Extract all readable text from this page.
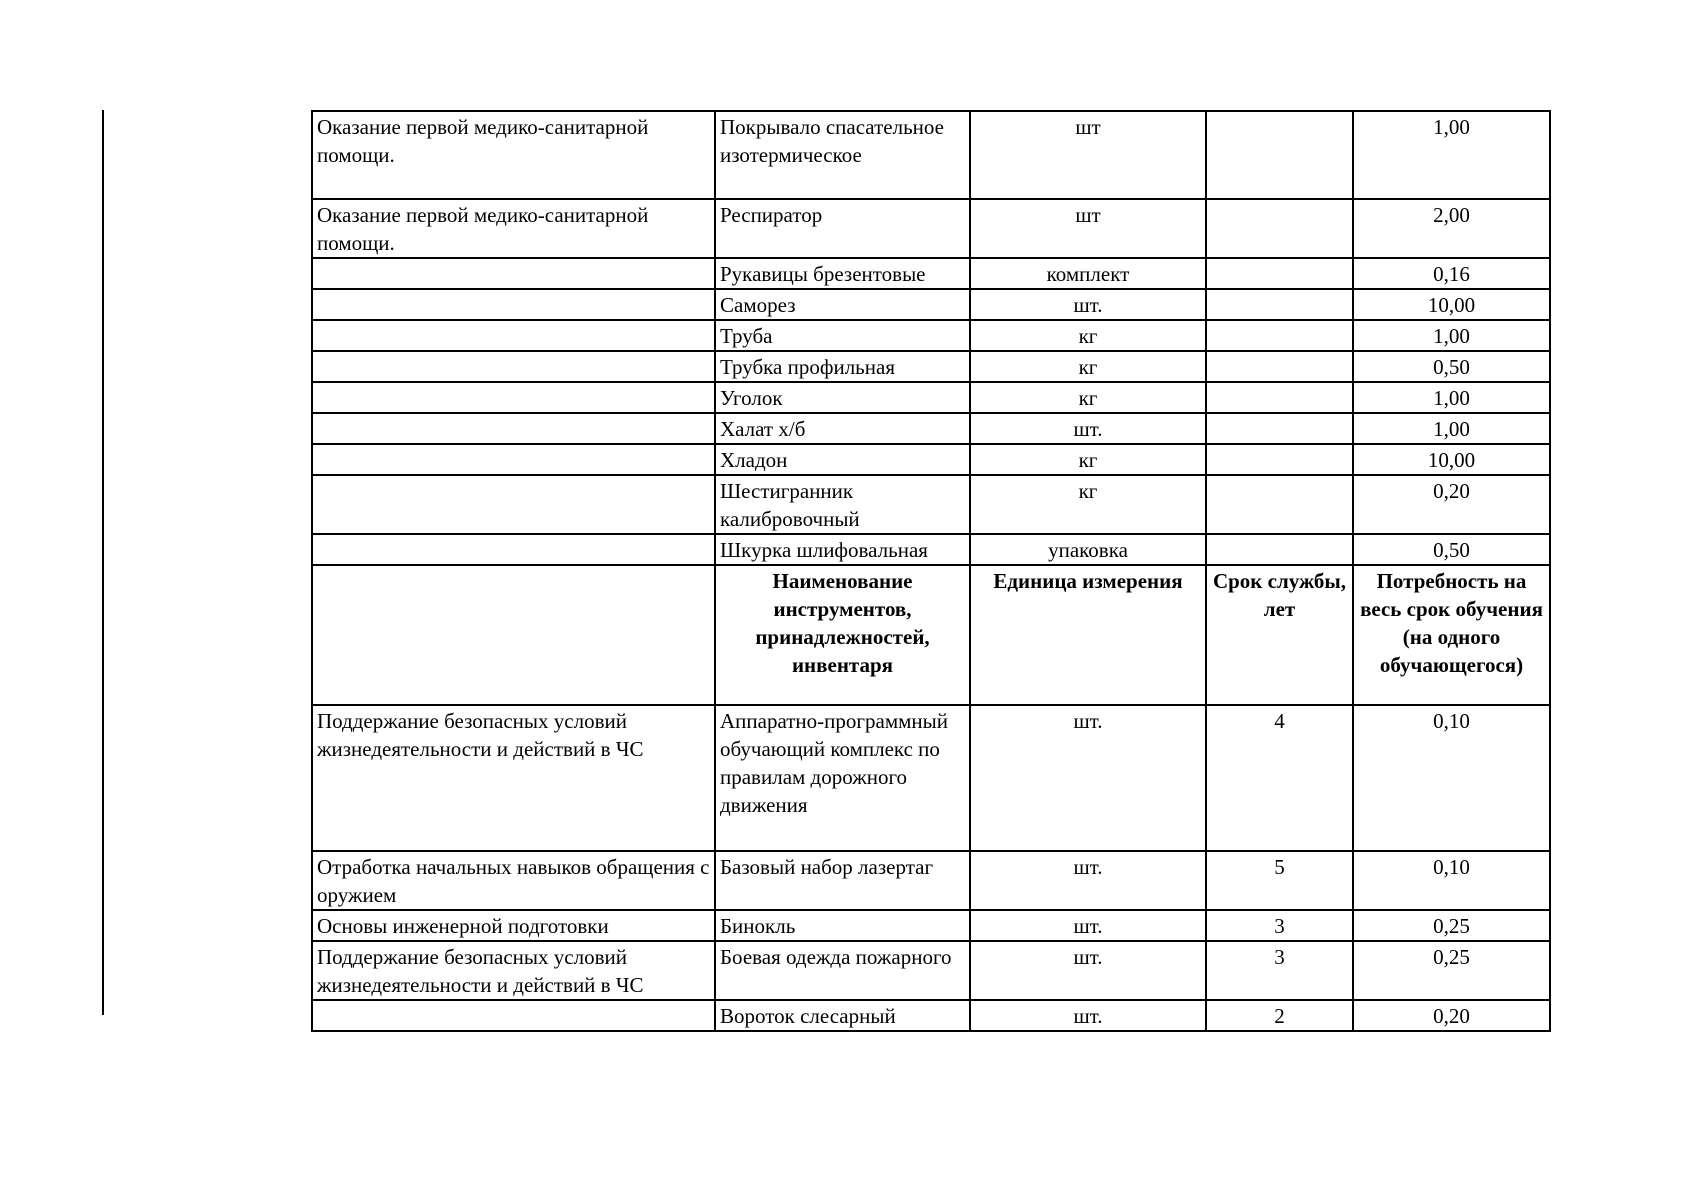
Оказание первой медико-санитарной помощи.	Покрывало спасательное изотермическое	шт		1,00
Оказание первой медико-санитарной помощи.	Респиратор	шт		2,00
	Рукавицы брезентовые	комплект		0,16
	Саморез	шт.		10,00
	Труба	кг		1,00
	Трубка профильная	кг		0,50
	Уголок	кг		1,00
	Халат х/б	шт.		1,00
	Хладон	кг		10,00
	Шестигранник калибровочный	кг		0,20
	Шкурка шлифовальная	упаковка		0,50
	Наименование инструментов, принадлежностей, инвентаря	Единица измерения	Срок службы, лет	Потребность на весь срок обучения (на одного обучающегося)
Поддержание безопасных условий жизнедеятельности и действий в ЧС	Аппаратно-программный обучающий комплекс по правилам дорожного движения	шт.	4	0,10
Отработка начальных навыков обращения с оружием	Базовый набор лазертаг	шт.	5	0,10
Основы инженерной подготовки	Бинокль	шт.	3	0,25
Поддержание безопасных условий жизнедеятельности и действий в ЧС	Боевая одежда пожарного	шт.	3	0,25
	Вороток слесарный	шт.	2	0,20
